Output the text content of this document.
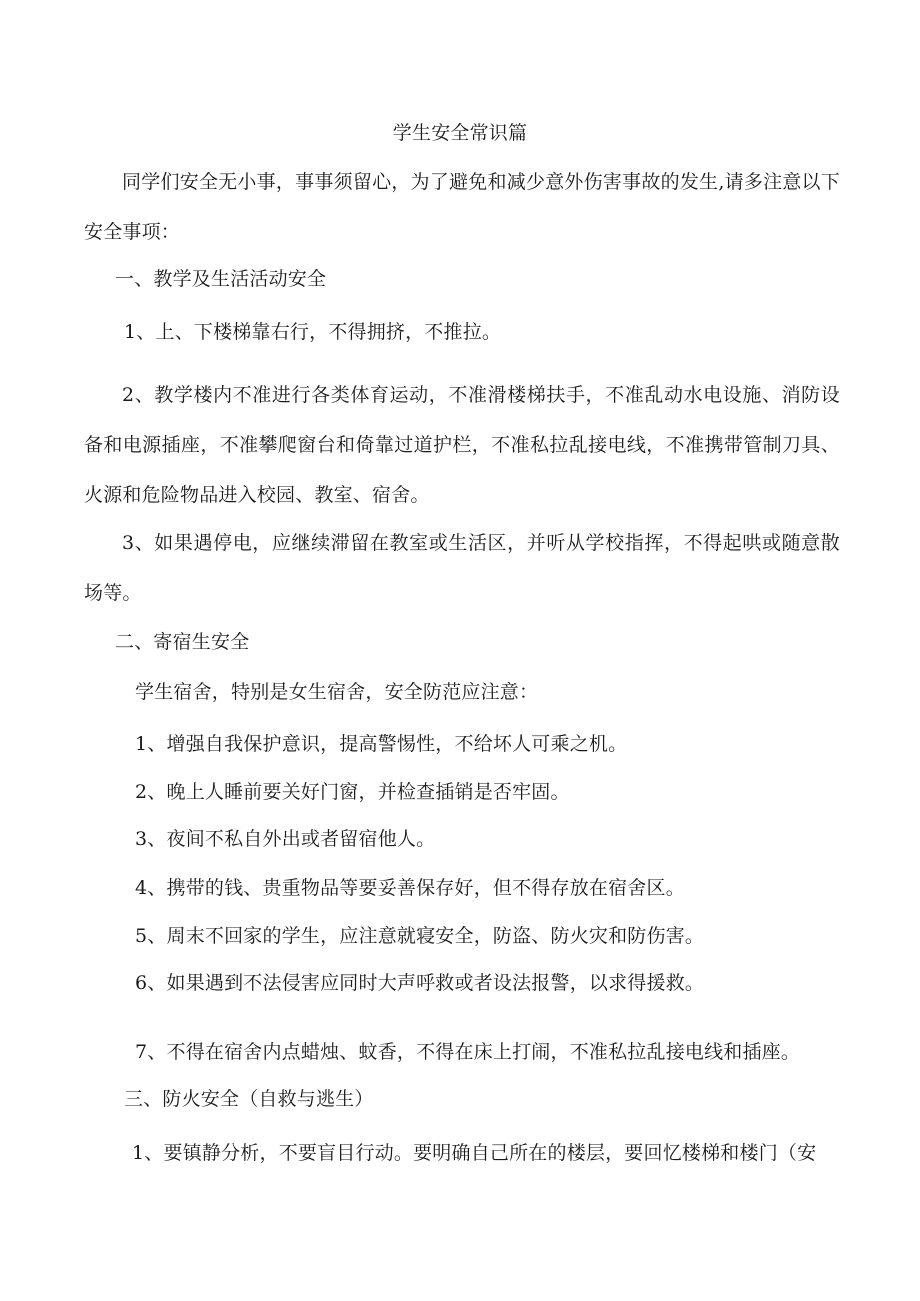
学生安全常识篇
同学们安全无小事，事事须留心，为了避免和减少意外伤害事故的发生,请多注意以下安全事项：
一、教学及生活活动安全
1、上、下楼梯靠右行，不得拥挤，不推拉。
2、教学楼内不准进行各类体育运动，不准滑楼梯扶手，不准乱动水电设施、消防设备和电源插座，不准攀爬窗台和倚靠过道护栏，不准私拉乱接电线，不准携带管制刀具、火源和危险物品进入校园、教室、宿舍。
3、如果遇停电，应继续滞留在教室或生活区，并听从学校指挥，不得起哄或随意散场等。
二、寄宿生安全
学生宿舍，特别是女生宿舍，安全防范应注意：
1、增强自我保护意识，提高警惕性，不给坏人可乘之机。
2、晚上人睡前要关好门窗，并检查插销是否牢固。
3、夜间不私自外出或者留宿他人。
4、携带的钱、贵重物品等要妥善保存好，但不得存放在宿舍区。
5、周末不回家的学生，应注意就寝安全，防盗、防火灾和防伤害。
6、如果遇到不法侵害应同时大声呼救或者设法报警，以求得援救。
7、不得在宿舍内点蜡烛、蚊香，不得在床上打闹，不准私拉乱接电线和插座。
三、防火安全（自救与逃生）
1、要镇静分析，不要盲目行动。要明确自己所在的楼层，要回忆楼梯和楼门（安
